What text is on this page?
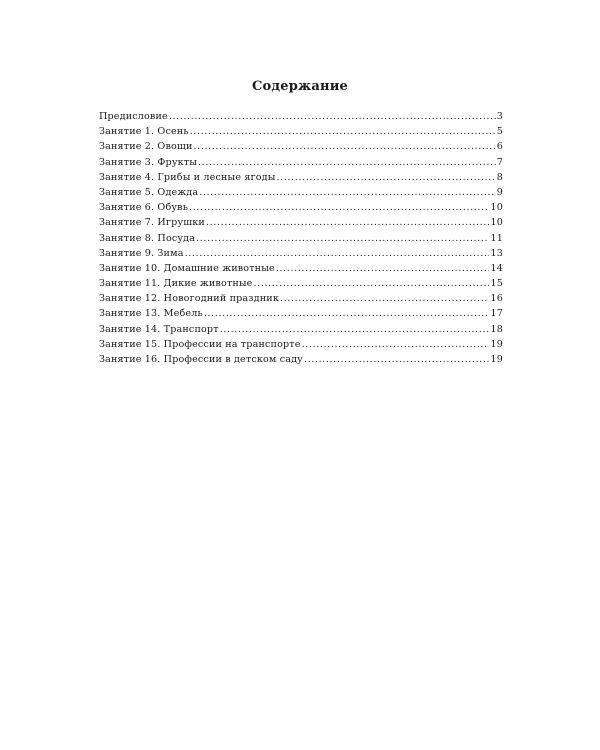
Содержание
Предисловие .....	3
Занятие 1. Осень .....	5
Занятие 2. Овощи .....	6
Занятие 3. Фрукты .....	7
Занятие 4. Грибы и лесные ягоды .....	8
Занятие 5. Одежда .....	9
Занятие 6. Обувь .....	10
Занятие 7. Игрушки .....	10
Занятие 8. Посуда .....	11
Занятие 9. Зима .....	13
Занятие 10. Домашние животные .....	14
Занятие 11. Дикие животные .....	15
Занятие 12. Новогодний праздник .....	16
Занятие 13. Мебель .....	17
Занятие 14. Транспорт .....	18
Занятие 15. Профессии на транспорте .....	19
Занятие 16. Профессии в детском саду .....	19
